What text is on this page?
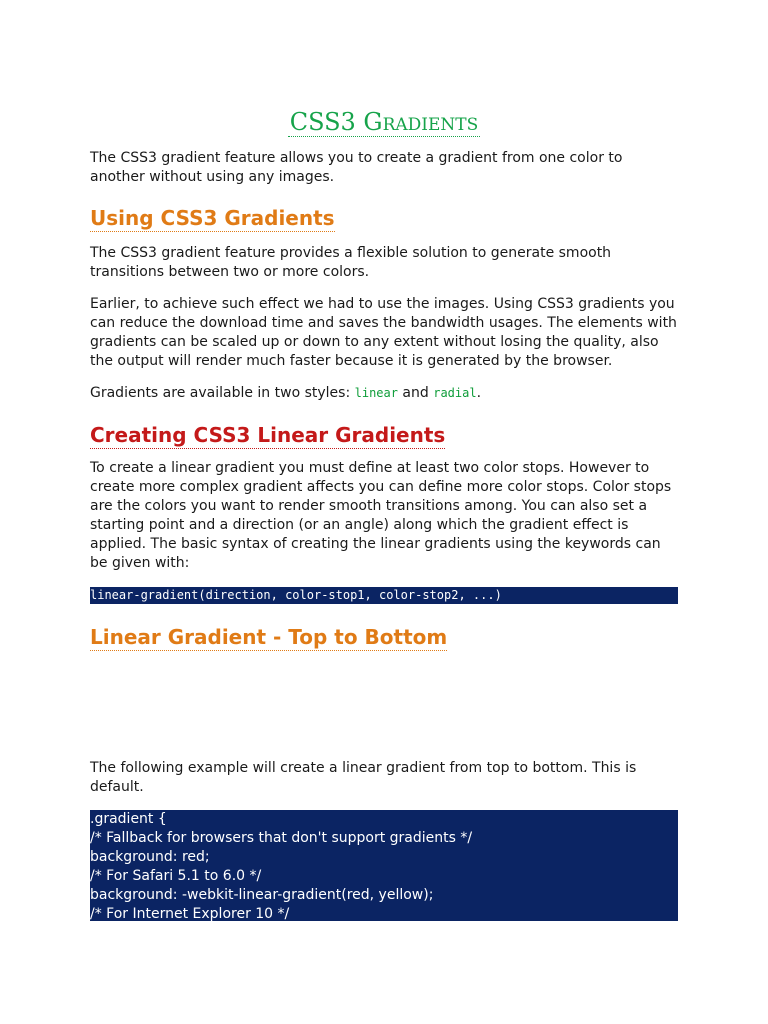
CSS3 Gradients

The CSS3 gradient feature allows you to create a gradient from one color to another without using any images.

Using CSS3 Gradients

The CSS3 gradient feature provides a flexible solution to generate smooth transitions between two or more colors.

Earlier, to achieve such effect we had to use the images. Using CSS3 gradients you can reduce the download time and saves the bandwidth usages. The elements with gradients can be scaled up or down to any extent without losing the quality, also the output will render much faster because it is generated by the browser.

Gradients are available in two styles: linear and radial.

Creating CSS3 Linear Gradients

To create a linear gradient you must define at least two color stops. However to create more complex gradient affects you can define more color stops. Color stops are the colors you want to render smooth transitions among. You can also set a starting point and a direction (or an angle) along which the gradient effect is applied. The basic syntax of creating the linear gradients using the keywords can be given with:

linear-gradient(direction, color-stop1, color-stop2, ...)
Linear Gradient - Top to Bottom

The following example will create a linear gradient from top to bottom. This is default.

.gradient {
/* Fallback for browsers that don't support gradients */
background: red;
/* For Safari 5.1 to 6.0 */
background: -webkit-linear-gradient(red, yellow);
/* For Internet Explorer 10 */
